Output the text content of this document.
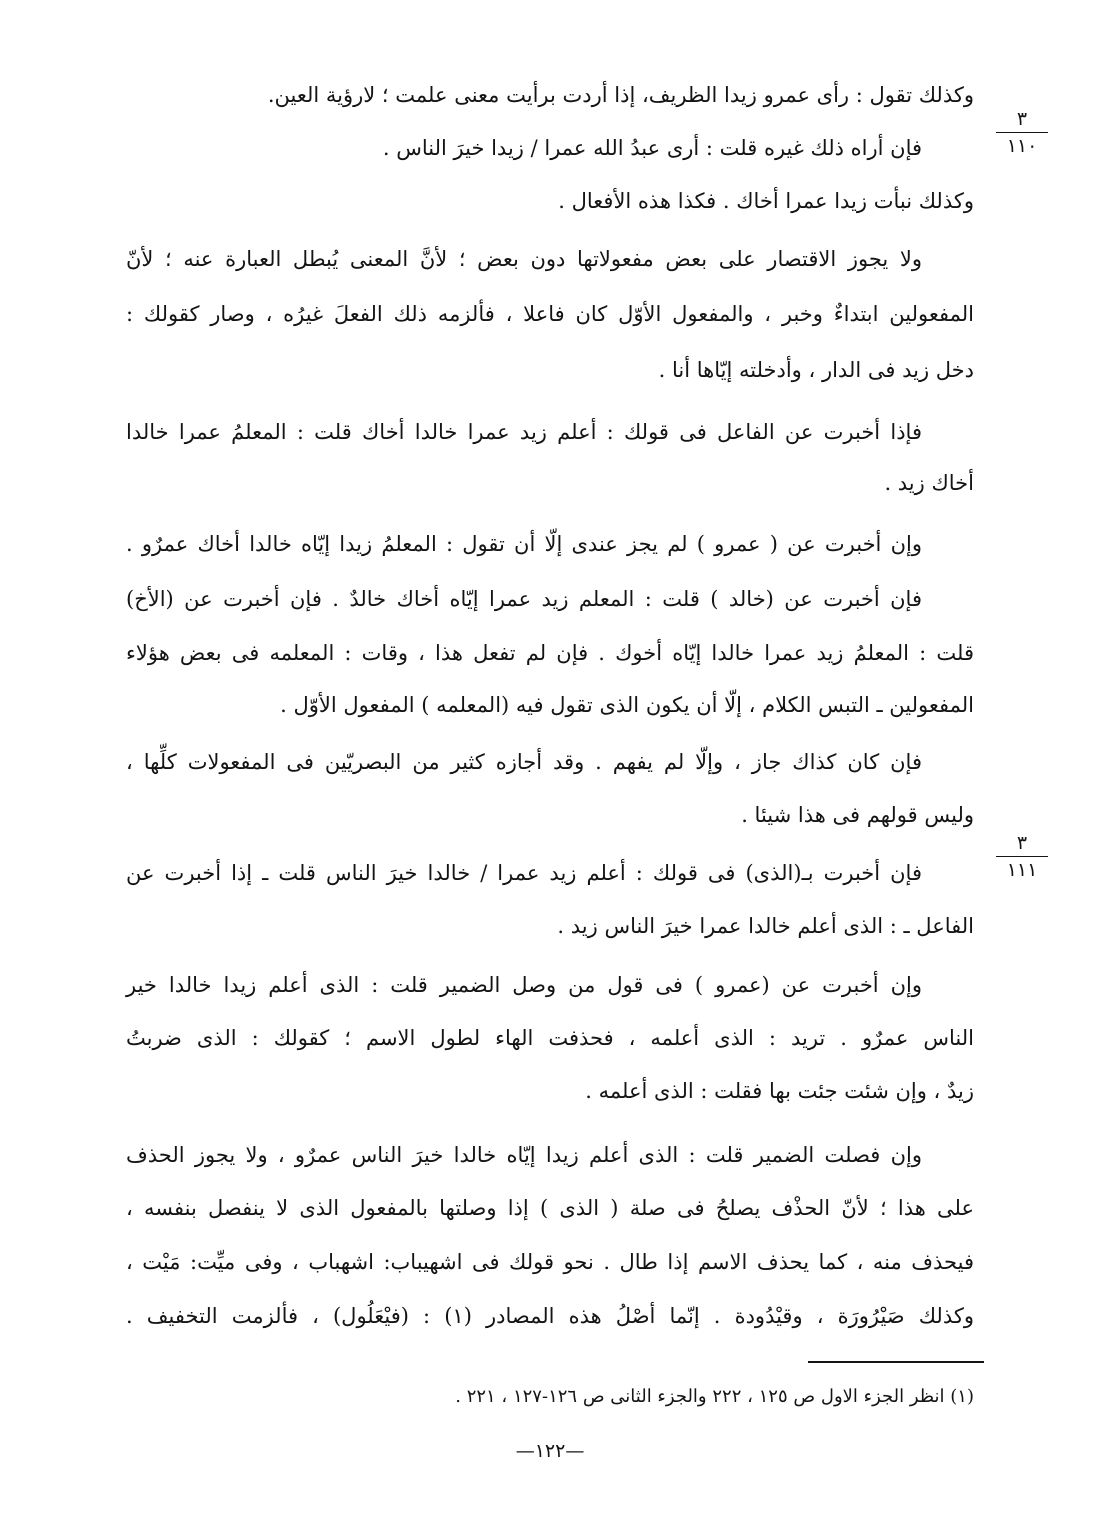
وكذلك تقول : رأى عمرو زيدا الظريف، إذا أردت برأيت معنى علمت ؛ لارؤية العين.
فإن أراه ذلك غيره قلت : أرى عبدُ الله عمرا / زيدا خيرَ الناس .
وكذلك نبأت زيدا عمرا أخاك . فكذا هذه الأفعال .
ولا يجوز الاقتصار على بعض مفعولاتها دون بعض ؛ لأنَّ المعنى يُبطل العبارة عنه ؛ لأنّ
المفعولين ابتداءٌ وخبر ، والمفعول الأوّل كان فاعلا ، فألزمه ذلك الفعلَ غيرُه ، وصار كقولك :
دخل زيد فى الدار ، وأدخلته إيّاها أنا .
فإذا أخبرت عن الفاعل فى قولك : أعلم زيد عمرا خالدا أخاك قلت : المعلمُ عمرا خالدا
أخاك زيد .
وإن أخبرت عن ( عمرو ) لم يجز عندى إلّا أن تقول : المعلمُ زيدا إيّاه خالدا أخاك عمرٌو .
فإن أخبرت عن (خالد ) قلت : المعلم زيد عمرا إيّاه أخاك خالدٌ . فإن أخبرت عن (الأخ)
قلت : المعلمُ زيد عمرا خالدا إيّاه أخوك . فإن لم تفعل هذا ، وقات : المعلمه فى بعض هؤلاء
المفعولين ـ التبس الكلام ، إلّا أن يكون الذى تقول فيه (المعلمه ) المفعول الأوّل .
فإن كان كذاك جاز ، وإلّا لم يفهم . وقد أجازه كثير من البصريّين فى المفعولات كلِّها ،
وليس قولهم فى هذا شيئا .
فإن أخبرت بـ(الذى) فى قولك : أعلم زيد عمرا / خالدا خيرَ الناس قلت ـ إذا أخبرت عن
الفاعل ـ : الذى أعلم خالدا عمرا خيرَ الناس زيد .
وإن أخبرت عن (عمرو ) فى قول من وصل الضمير قلت : الذى أعلم زيدا خالدا خير
الناس عمرٌو . تريد : الذى أعلمه ، فحذفت الهاء لطول الاسم ؛ كقولك : الذى ضربتُ
زيدٌ ، وإن شئت جئت بها فقلت : الذى أعلمه .
وإن فصلت الضمير قلت : الذى أعلم زيدا إيّاه خالدا خيرَ الناس عمرٌو ، ولا يجوز الحذف
على هذا ؛ لأنّ الحذْف يصلحُ فى صلة ( الذى ) إذا وصلتها بالمفعول الذى لا ينفصل بنفسه ،
فيحذف منه ، كما يحذف الاسم إذا طال . نحو قولك فى اشهيباب: اشهباب ، وفى ميِّت: مَيْت ،
وكذلك صَيْرُورَة ، وقيْدُودة . إنّما أصْلُ هذه المصادر (١) : (فيْعَلُول) ، فألزمت التخفيف .
٣
١١٠
٣
١١١
(١) انظر الجزء الاول ص ١٢٥ ، ٢٢٢ والجزء الثانى ص ١٢٦-١٢٧ ، ٢٢١ .
—١٢٢—
